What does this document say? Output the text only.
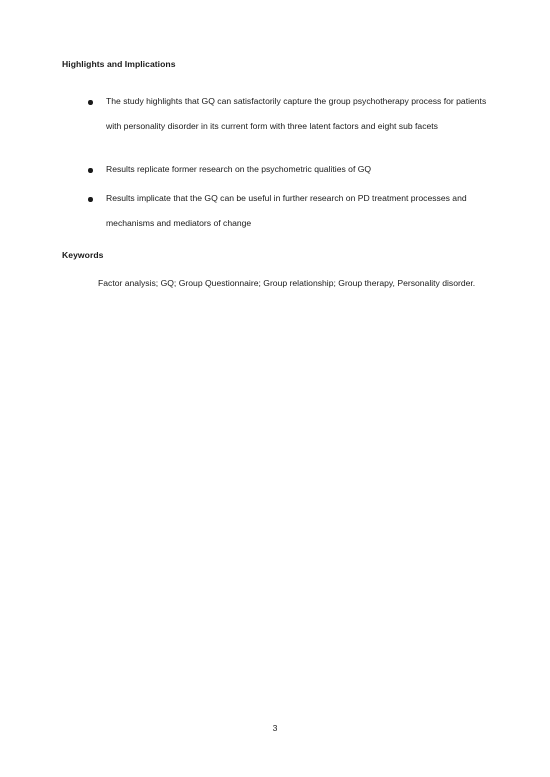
Highlights and Implications
The study highlights that GQ can satisfactorily capture the group psychotherapy process for patients with personality disorder in its current form with three latent factors and eight sub facets
Results replicate former research on the psychometric qualities of GQ
Results implicate that the GQ can be useful in further research on PD treatment processes and mechanisms and mediators of change
Keywords
Factor analysis; GQ; Group Questionnaire; Group relationship; Group therapy, Personality disorder.
3
